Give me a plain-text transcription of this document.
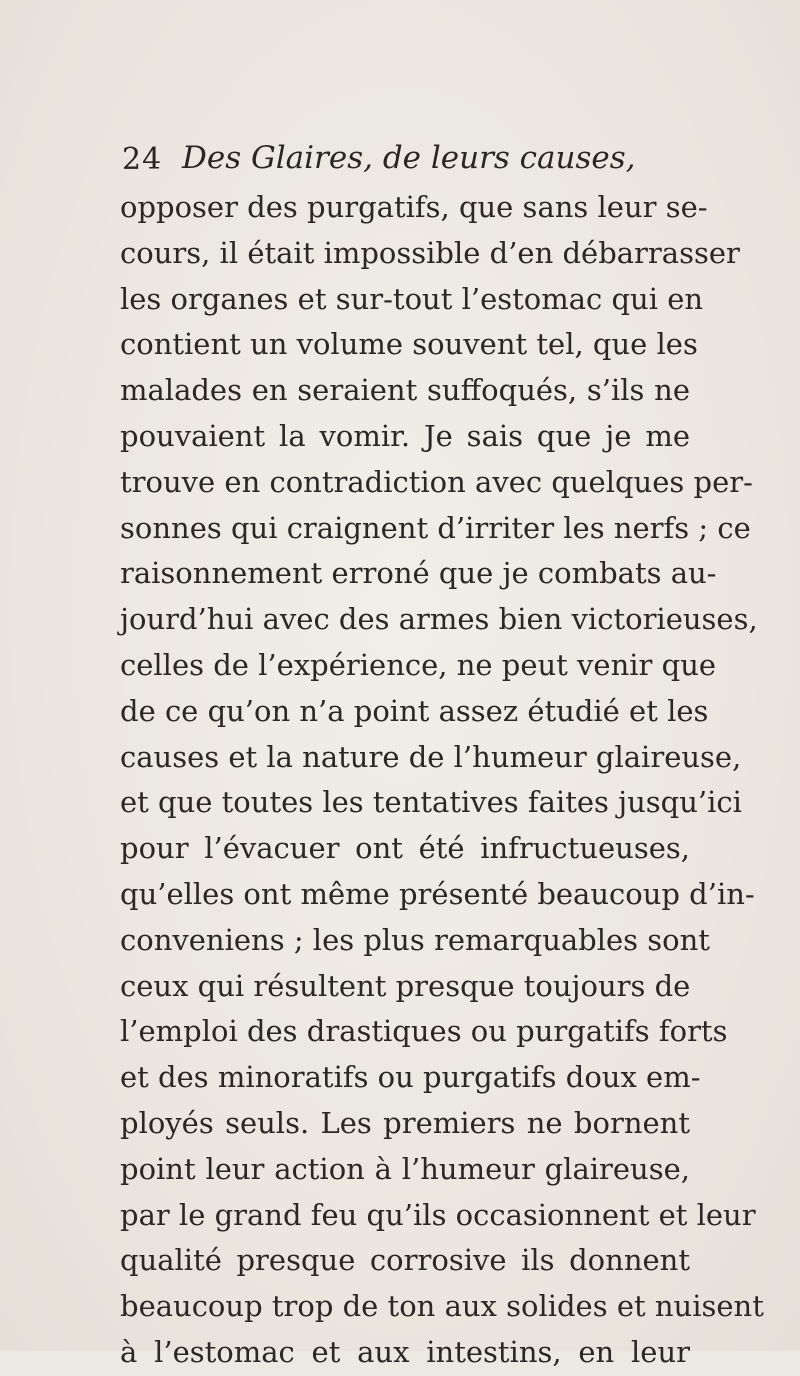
24 Des Glaires, de leurs causes,
opposer des purgatifs, que sans leur se-
cours, il était impossible d’en débarrasser
les organes et sur-tout l’estomac qui en
contient un volume souvent tel, que les
malades en seraient suffoqués, s’ils ne
pouvaient la vomir. Je sais que je me
trouve en contradiction avec quelques per-
sonnes qui craignent d’irriter les nerfs ; ce
raisonnement erroné que je combats au-
jourd’hui avec des armes bien victorieuses,
celles de l’expérience, ne peut venir que
de ce qu’on n’a point assez étudié et les
causes et la nature de l’humeur glaireuse,
et que toutes les tentatives faites jusqu’ici
pour l’évacuer ont été infructueuses,
qu’elles ont même présenté beaucoup d’in-
conveniens ; les plus remarquables sont
ceux qui résultent presque toujours de
l’emploi des drastiques ou purgatifs forts
et des minoratifs ou purgatifs doux em-
ployés seuls. Les premiers ne bornent
point leur action à l’humeur glaireuse,
par le grand feu qu’ils occasionnent et leur
qualité presque corrosive ils donnent
beaucoup trop de ton aux solides et nuisent
à l’estomac et aux intestins, en leur
